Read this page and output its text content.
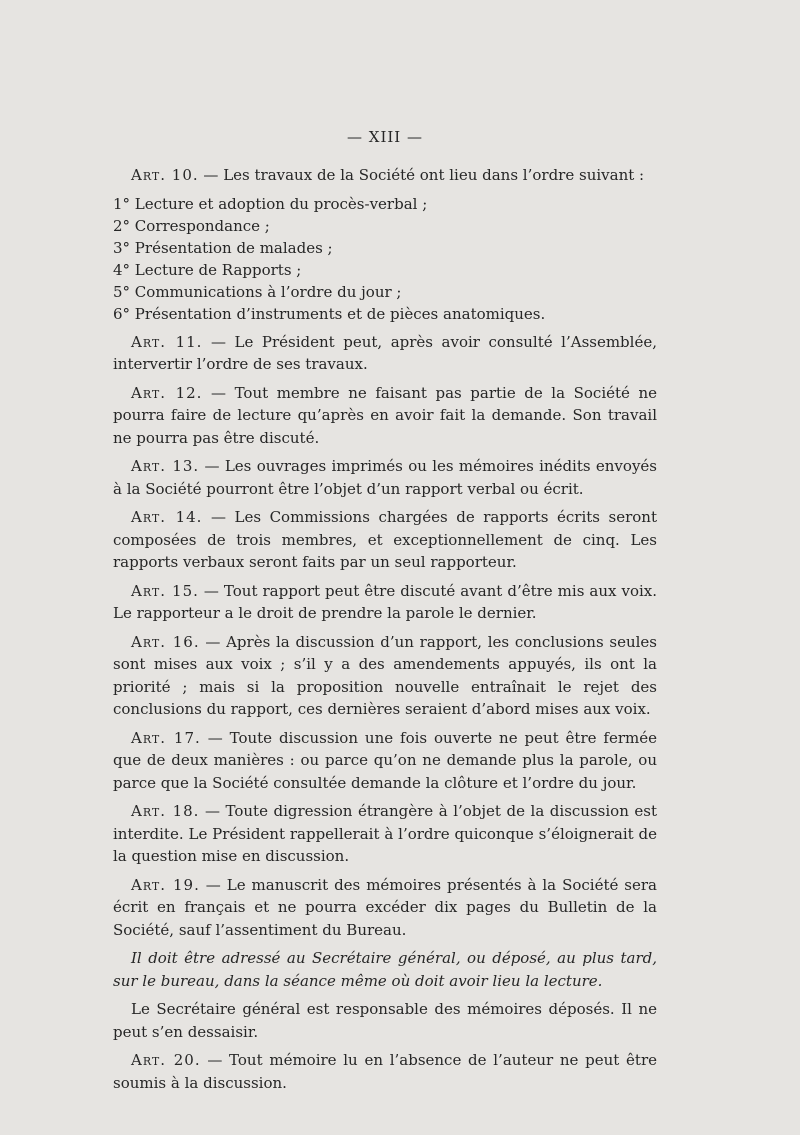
— XIII —

Art. 10. — Les travaux de la Société ont lieu dans l’ordre suivant :

1° Lecture et adoption du procès-verbal ;
2° Correspondance ;
3° Présentation de malades ;
4° Lecture de Rapports ;
5° Communications à l’ordre du jour ;
6° Présentation d’instruments et de pièces anatomiques.

Art. 11. — Le Président peut, après avoir consulté l’Assemblée, intervertir l’ordre de ses travaux.

Art. 12. — Tout membre ne faisant pas partie de la Société ne pourra faire de lecture qu’après en avoir fait la demande. Son travail ne pourra pas être discuté.

Art. 13. — Les ouvrages imprimés ou les mémoires inédits envoyés à la Société pourront être l’objet d’un rapport verbal ou écrit.

Art. 14. — Les Commissions chargées de rapports écrits seront composées de trois membres, et exceptionnellement de cinq. Les rapports verbaux seront faits par un seul rapporteur.

Art. 15. — Tout rapport peut être discuté avant d’être mis aux voix. Le rapporteur a le droit de prendre la parole le dernier.

Art. 16. — Après la discussion d’un rapport, les conclusions seules sont mises aux voix ; s’il y a des amendements appuyés, ils ont la priorité ; mais si la proposition nouvelle entraînait le rejet des conclusions du rapport, ces dernières seraient d’abord mises aux voix.

Art. 17. — Toute discussion une fois ouverte ne peut être fermée que de deux manières : ou parce qu’on ne demande plus la parole, ou parce que la Société consultée demande la clôture et l’ordre du jour.

Art. 18. — Toute digression étrangère à l’objet de la discussion est interdite. Le Président rappellerait à l’ordre quiconque s’éloignerait de la question mise en discussion.

Art. 19. — Le manuscrit des mémoires présentés à la Société sera écrit en français et ne pourra excéder dix pages du Bulletin de la Société, sauf l’assentiment du Bureau.

Il doit être adressé au Secrétaire général, ou déposé, au plus tard, sur le bureau, dans la séance même où doit avoir lieu la lecture.

Le Secrétaire général est responsable des mémoires déposés. Il ne peut s’en dessaisir.

Art. 20. — Tout mémoire lu en l’absence de l’auteur ne peut être soumis à la discussion.
